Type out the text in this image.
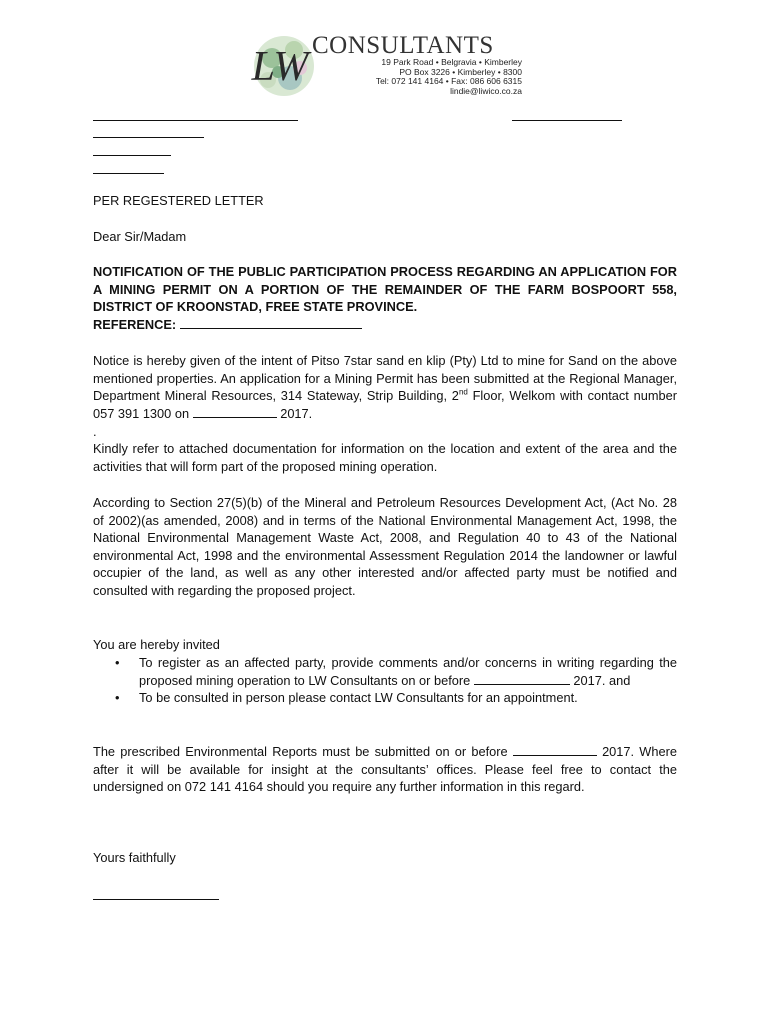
LW CONSULTANTS
19 Park Road • Belgravia • Kimberley
PO Box 3226 • Kimberley • 8300
Tel: 072 141 4164 • Fax: 086 606 6315
lindie@liwico.co.za
PER REGESTERED LETTER
Dear Sir/Madam

NOTIFICATION OF THE PUBLIC PARTICIPATION PROCESS REGARDING AN APPLICATION FOR A MINING PERMIT ON A PORTION OF THE REMAINDER OF THE FARM BOSPOORT 558, DISTRICT OF KROONSTAD, FREE STATE PROVINCE.

REFERENCE:

Notice is hereby given of the intent of Pitso 7star sand en klip (Pty) Ltd to mine for Sand on the above mentioned properties. An application for a Mining Permit has been submitted at the Regional Manager, Department Mineral Resources, 314 Stateway, Strip Building, 2nd Floor, Welkom with contact number 057 391 1300 on	2017.
.
Kindly refer to attached documentation for information on the location and extent of the area and the activities that will form part of the proposed mining operation.
According to Section 27(5)(b) of the Mineral and Petroleum Resources Development Act, (Act No. 28 of 2002)(as amended, 2008) and in terms of the National Environmental Management Act, 1998, the National Environmental Management Waste Act, 2008, and Regulation 40 to 43 of the National environmental Act, 1998 and the environmental Assessment Regulation 2014 the landowner or lawful occupier of the land, as well as any other interested and/or affected party must be notified and consulted with regarding the proposed project.
You are hereby invited
• To register as an affected party, provide comments and/or concerns in writing regarding the proposed mining operation to LW Consultants on or before	2017. and
• To be consulted in person please contact LW Consultants for an appointment.
The prescribed Environmental Reports must be submitted on or before	2017. Where after it will be available for insight at the consultants’ offices. Please feel free to contact the undersigned on 072 141 4164 should you require any further information in this regard.
Yours faithfully
